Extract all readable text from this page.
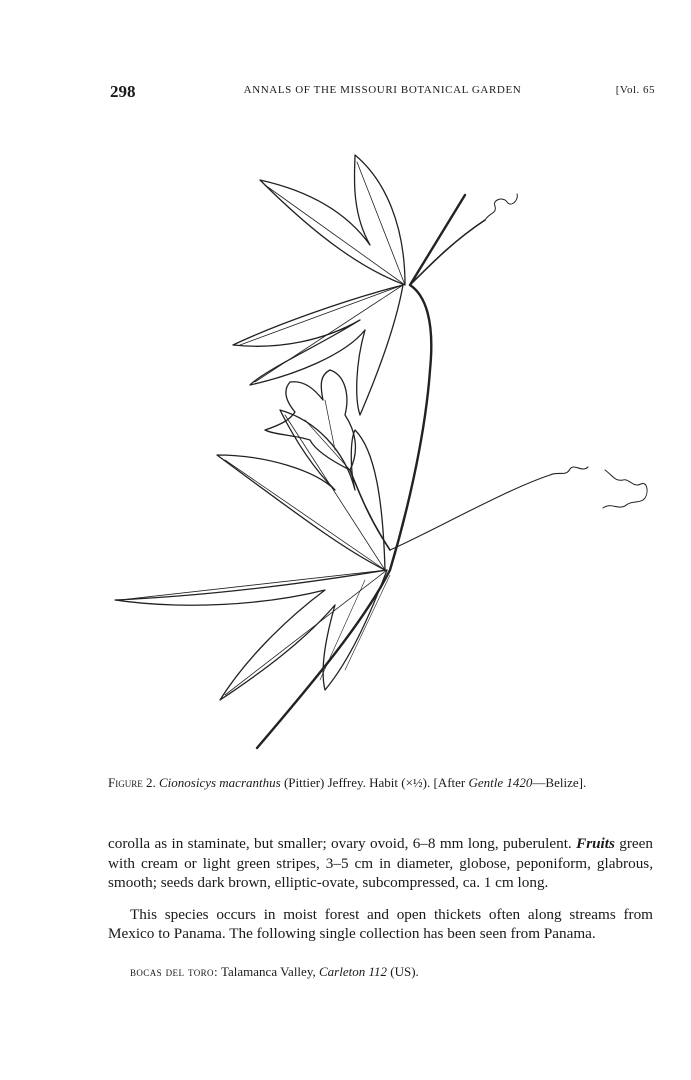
298	ANNALS OF THE MISSOURI BOTANICAL GARDEN	[Vol. 65
Figure 2. Cionosicys macranthus (Pittier) Jeffrey. Habit (×½). [After Gentle 1420—Belize].

corolla as in staminate, but smaller; ovary ovoid, 6–8 mm long, puberulent. Fruits green with cream or light green stripes, 3–5 cm in diameter, globose, peponiform, glabrous, smooth; seeds dark brown, elliptic-ovate, subcompressed, ca. 1 cm long.

This species occurs in moist forest and open thickets often along streams from Mexico to Panama. The following single collection has been seen from Panama.

bocas del toro: Talamanca Valley, Carleton 112 (US).
